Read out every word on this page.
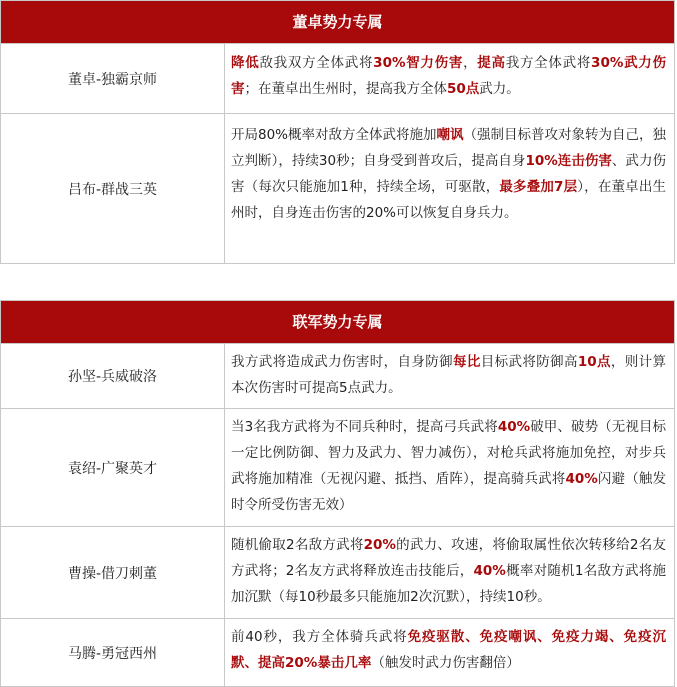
董卓势力专属
董卓-独霸京师
降低敌我双方全体武将30%智力伤害，提高我方全体武将30%武力伤害；在董卓出生州时，提高我方全体50点武力。
吕布-群战三英
开局80%概率对敌方全体武将施加嘲讽（强制目标普攻对象转为自己，独立判断），持续30秒；自身受到普攻后，提高自身10%连击伤害、武力伤害（每次只能施加1种，持续全场，可驱散，最多叠加7层），在董卓出生州时，自身连击伤害的20%可以恢复自身兵力。
联军势力专属
孙坚-兵威破洛
我方武将造成武力伤害时，自身防御每比目标武将防御高10点，则计算本次伤害时可提高5点武力。
袁绍-广聚英才
当3名我方武将为不同兵种时，提高弓兵武将40%破甲、破势（无视目标一定比例防御、智力及武力、智力减伤），对枪兵武将施加免控，对步兵武将施加精准（无视闪避、抵挡、盾阵），提高骑兵武将40%闪避（触发时令所受伤害无效）
曹操-借刀刺董
随机偷取2名敌方武将20%的武力、攻速，将偷取属性依次转移给2名友方武将；2名友方武将释放连击技能后，40%概率对随机1名敌方武将施加沉默（每10秒最多只能施加2次沉默），持续10秒。
马腾-勇冠西州
前40秒，我方全体骑兵武将免疫驱散、免疫嘲讽、免疫力竭、免疫沉默、提高20%暴击几率（触发时武力伤害翻倍）
